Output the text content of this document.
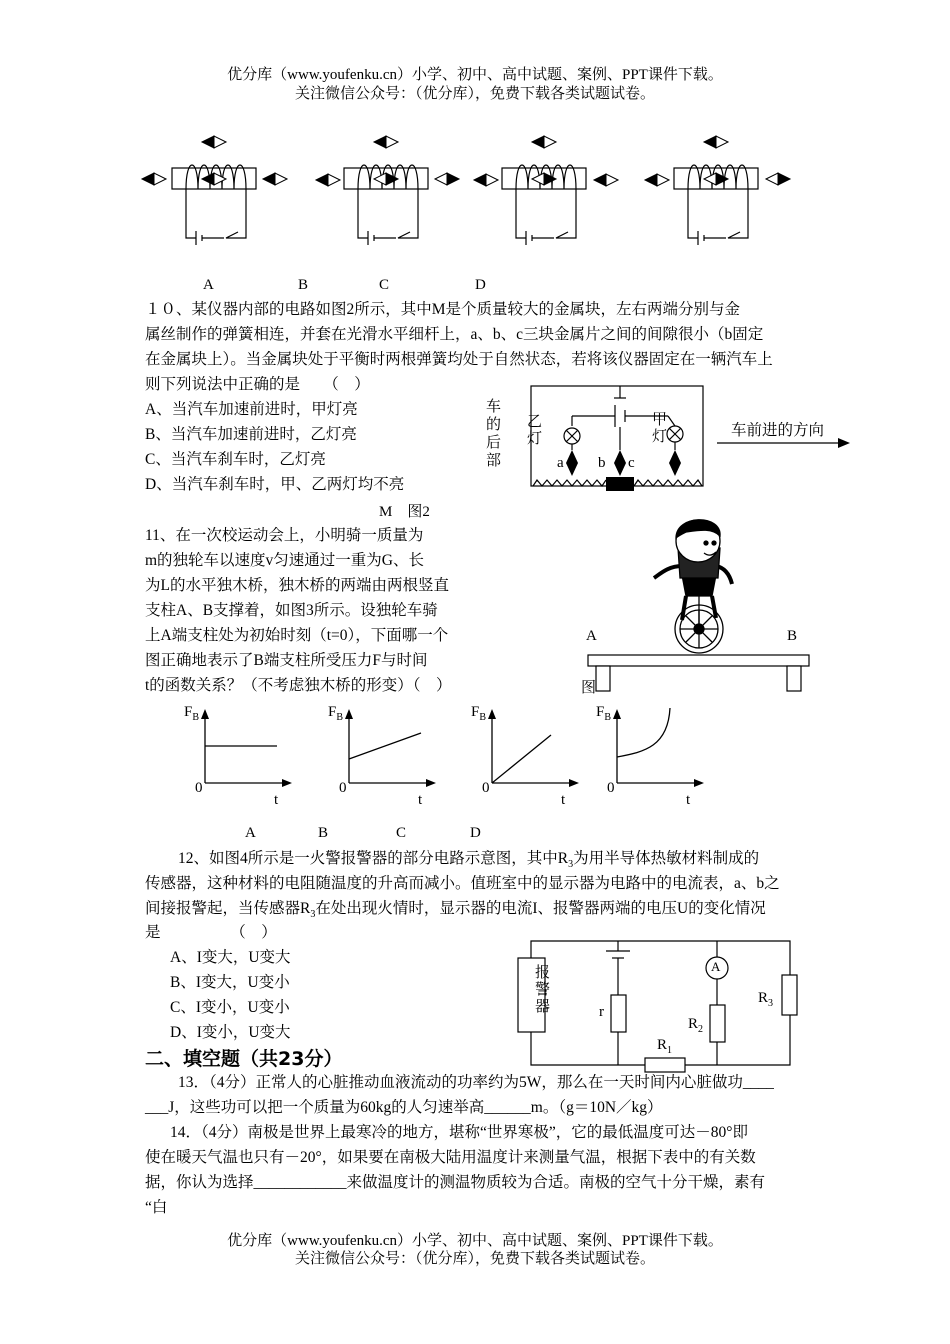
优分库（www.youfenku.cn）小学、初中、高中试题、案例、PPT课件下载。
关注微信公众号：（优分库），免费下载各类试题试卷。
A	B	C	D
１０、某仪器内部的电路如图2所示，其中M是个质量较大的金属块，左右两端分别与金
属丝制作的弹簧相连，并套在光滑水平细杆上，a、b、c三块金属片之间的间隙很小（b固定
在金属块上）。当金属块处于平衡时两根弹簧均处于自然状态，若将该仪器固定在一辆汽车上
则下列说法中正确的是　　（　）
A、当汽车加速前进时，甲灯亮
B、当汽车加速前进时，乙灯亮
C、当汽车刹车时，乙灯亮
D、当汽车刹车时，甲、乙两灯均不亮
车
的
后
部
乙
灯
甲
灯
a b c
车前进的方向
M　图2
11、在一次校运动会上，小明骑一质量为
m的独轮车以速度v匀速通过一重为G、长
为L的水平独木桥，独木桥的两端由两根竖直
支柱A、B支撑着，如图3所示。设独轮车骑
上A端支柱处为初始时刻（t=0），下面哪一个
图正确地表示了B端支柱所受压力F与时间
t的函数关系？（不考虑独木桥的形变）（　）
A	B
图
$F_B$	$F_B$	$F_B$	$F_B$
0	0	0	0
t	t	t	t
A	B	C	D
12、如图4所示是一火警报警器的部分电路示意图，其中$R_3$为用半导体热敏材料制成的
传感器，这种材料的电阻随温度的升高而减小。值班室中的显示器为电路中的电流表，a、b之
间接报警起，当传感器$R_3$在处出现火情时，显示器的电流I、报警器两端的电压U的变化情况
是　　　　　（　）
A、I变大，U变大
B、I变大，U变小
C、I变小，U变小
D、I变小，U变大
报
警
器	r
A
$R_2$
$R_3$
$R_1$
二、填空题（共23分）
13．（4分）正常人的心脏推动血液流动的功率约为5W，那么在一天时间内心脏做功____
___J，这些功可以把一个质量为60kg的人匀速举高______m。（g＝10N／kg）
14．（4分）南极是世界上最寒冷的地方，堪称“世界寒极”，它的最低温度可达－80°即
使在暖天气温也只有－20°，如果要在南极大陆用温度计来测量气温，根据下表中的有关数
据，你认为选择____________来做温度计的测温物质较为合适。南极的空气十分干燥，素有
“白
优分库（www.youfenku.cn）小学、初中、高中试题、案例、PPT课件下载。
关注微信公众号：（优分库），免费下载各类试题试卷。
